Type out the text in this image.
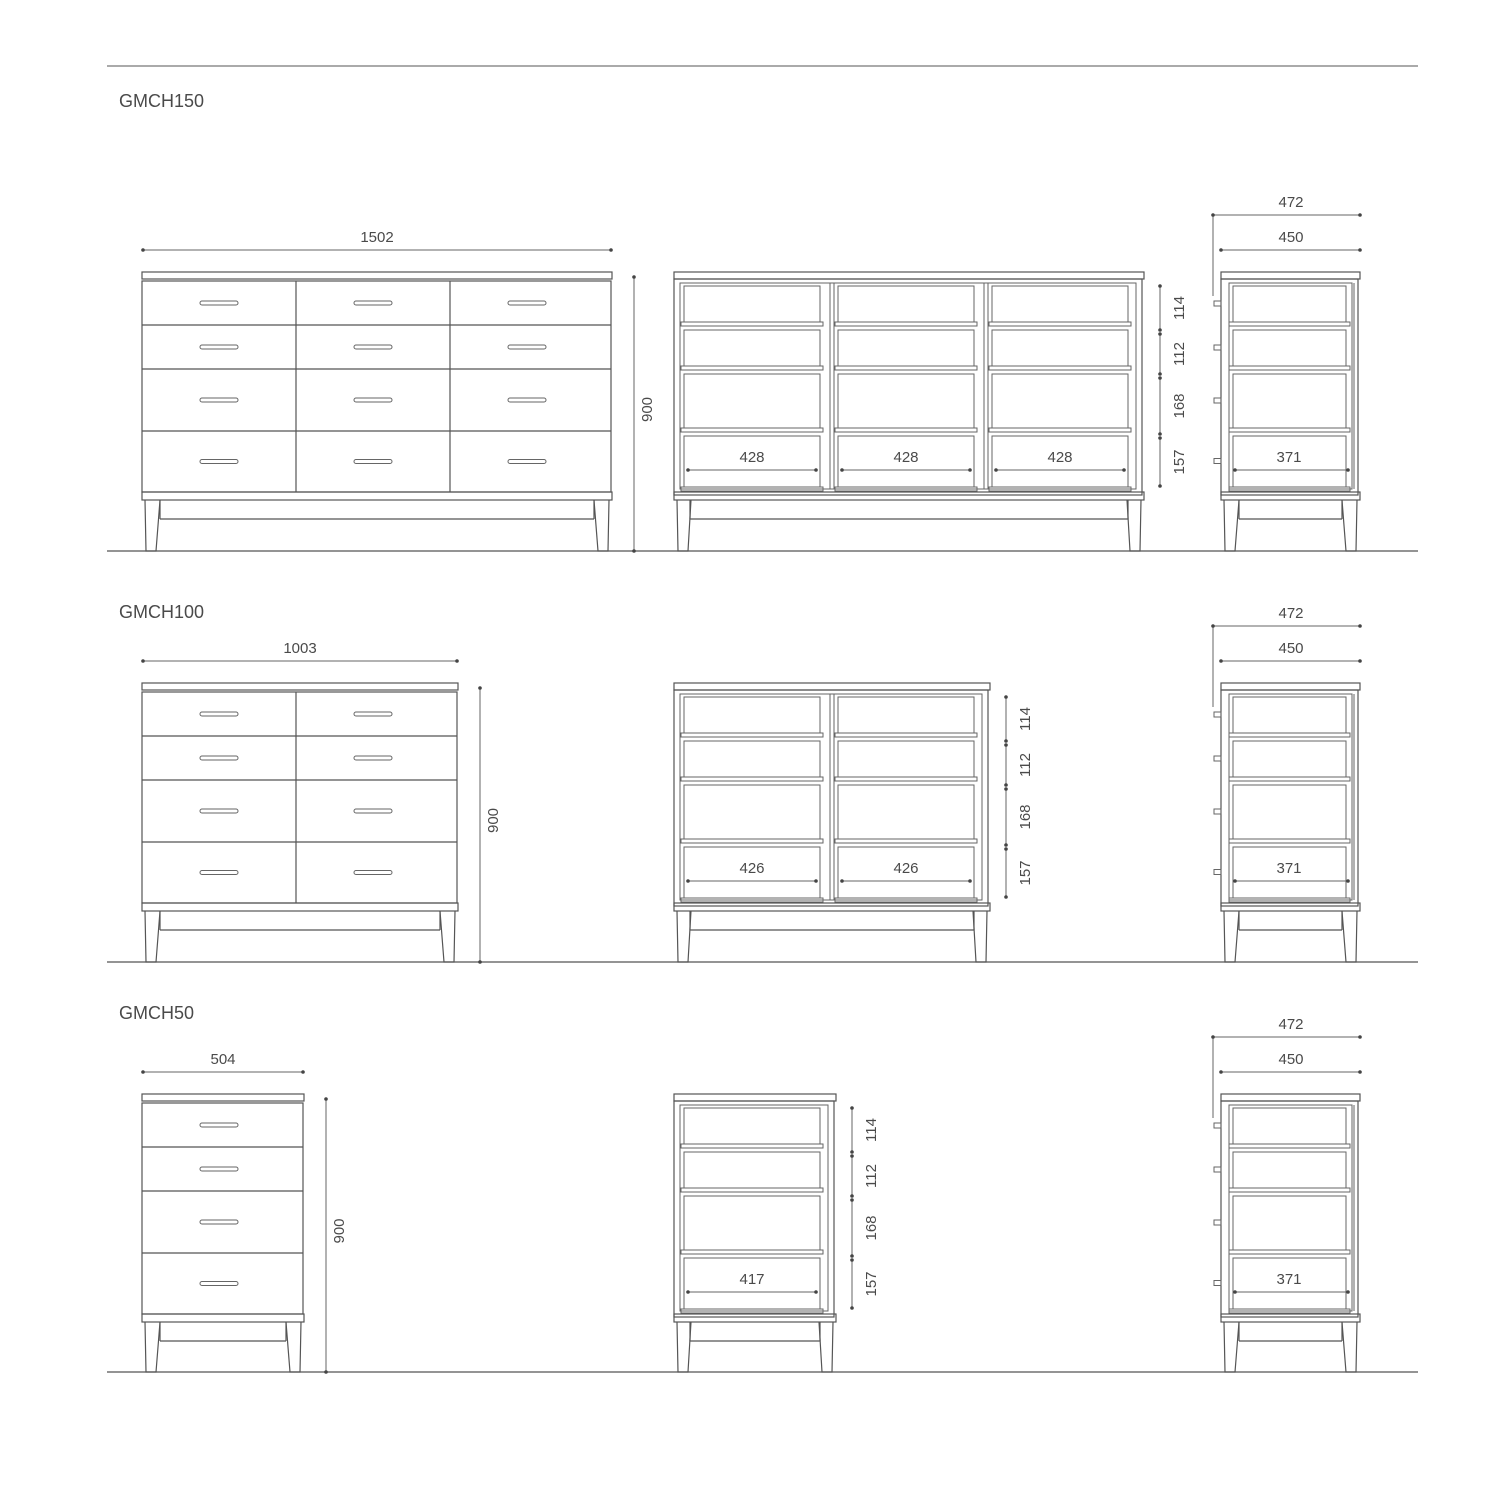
GMCH150
1502
900
428	428	428
114
112
168
157
472
450
371
GMCH100
1003
900
426	426
114
112
168
157
472
450
371
GMCH50
504
900
417
114
112
168
157
472
450
371
